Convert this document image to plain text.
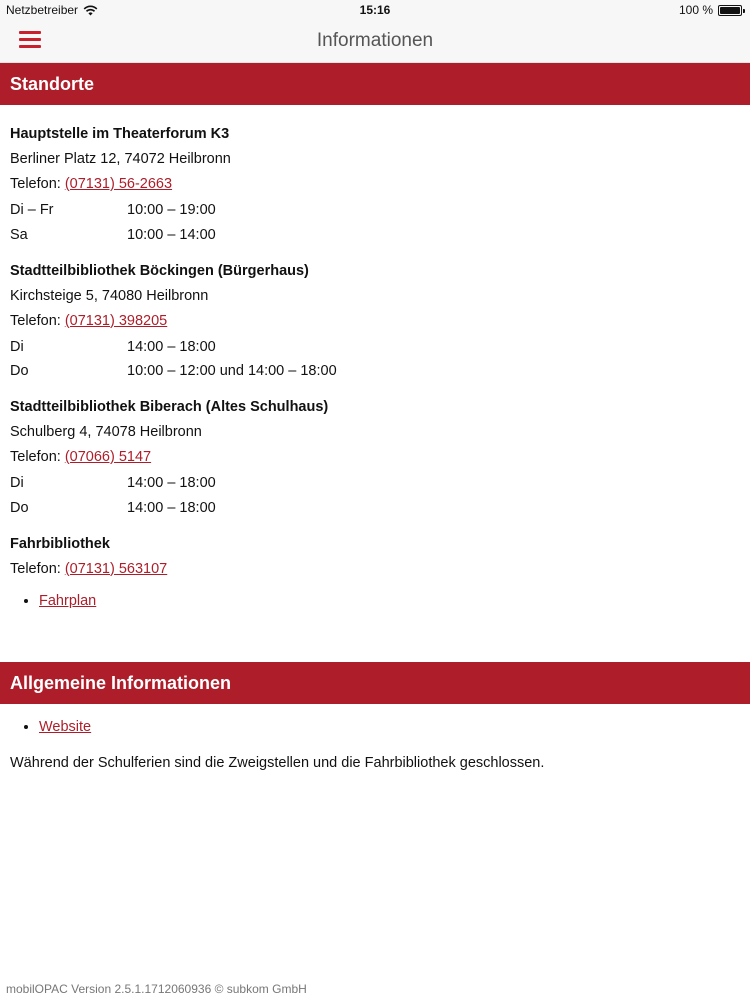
Netzbetreiber	15:16	100 %
Informationen
Standorte
Hauptstelle im Theaterforum K3
Berliner Platz 12, 74072 Heilbronn
Telefon: (07131) 56-2663
Di – Fr	10:00 – 19:00
Sa	10:00 – 14:00
Stadtteilbibliothek Böckingen (Bürgerhaus)
Kirchsteige 5, 74080 Heilbronn
Telefon: (07131) 398205
Di	14:00 – 18:00
Do	10:00 – 12:00 und 14:00 – 18:00
Stadtteilbibliothek Biberach (Altes Schulhaus)
Schulberg 4, 74078 Heilbronn
Telefon: (07066) 5147
Di	14:00 – 18:00
Do	14:00 – 18:00
Fahrbibliothek
Telefon: (07131) 563107
• Fahrplan
Allgemeine Informationen
• Website
Während der Schulferien sind die Zweigstellen und die Fahrbibliothek geschlossen.
mobilOPAC Version 2.5.1.1712060936 © subkom GmbH
